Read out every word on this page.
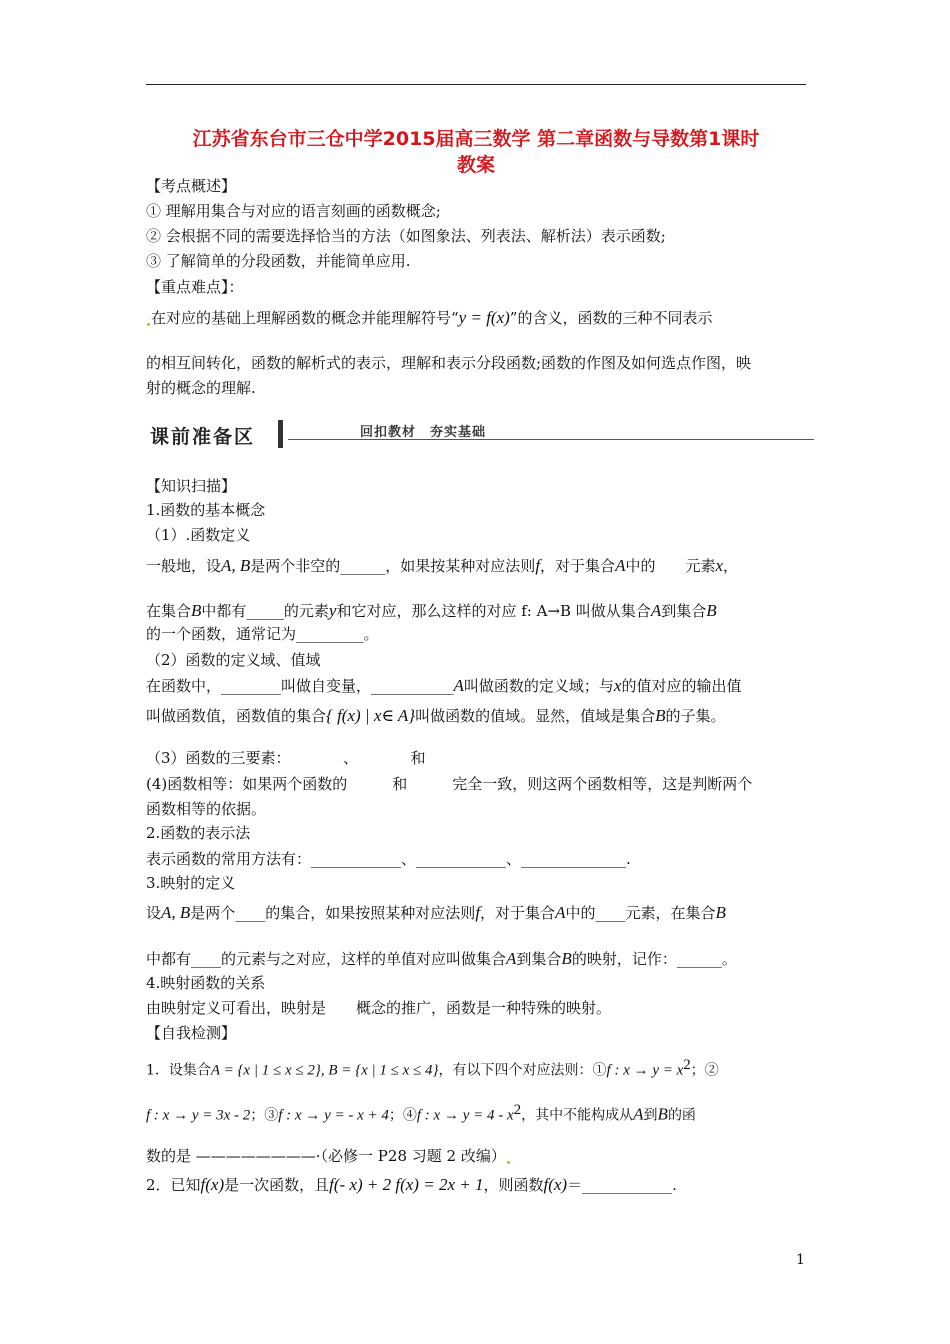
江苏省东台市三仓中学2015届高三数学 第二章函数与导数第1课时
教案
【考点概述】
① 理解用集合与对应的语言刻画的函数概念;
② 会根据不同的需要选择恰当的方法（如图象法、列表法、解析法）表示函数;
③ 了解简单的分段函数，并能简单应用.
【重点难点】：
在对应的基础上理解函数的概念并能理解符号“y = f(x)”的含义，函数的三种不同表示
的相互间转化，函数的解析式的表示，理解和表示分段函数;函数的作图及如何选点作图，映
射的概念的理解.
课前准备区	回扣教材　夯实基础
【知识扫描】
1.函数的基本概念
（1）.函数定义
一般地，设A, B是两个非空的______，如果按某种对应法则f，对于集合A中的　　元素x，
在集合B中都有_____的元素y和它对应，那么这样的对应 f: A→B 叫做从集合A到集合B
的一个函数，通常记为_________。
（2）函数的定义域、值域
在函数中，________叫做自变量，___________A叫做函数的定义域；与x的值对应的输出值
叫做函数值，函数值的集合{ f(x) | x∈ A}叫做函数的值域。显然，值域是集合B的子集。
（3）函数的三要素：　　　　、　　　　和
(4)函数相等：如果两个函数的　　　和　　　完全一致，则这两个函数相等，这是判断两个
函数相等的依据。
2.函数的表示法
表示函数的常用方法有：____________、____________、______________.
3.映射的定义
设A, B是两个____的集合，如果按照某种对应法则f，对于集合A中的____元素，在集合B
中都有____的元素与之对应，这样的单值对应叫做集合A到集合B的映射，记作：______。
4.映射函数的关系
由映射定义可看出，映射是　　概念的推广，函数是一种特殊的映射。
【自我检测】
1．设集合A = {x | 1 ≤ x ≤ 2}, B = {x | 1 ≤ x ≤ 4}，有以下四个对应法则：①f : $x \to y = x^2$；②
f : x → y = 3x - 2；③f : x → y = - x + 4；④f : $x \to y = 4 - x^2$，其中不能构成从A到B的函
数的是 ————————·（必修一 P28 习题 2 改编）
2．已知f(x)是一次函数，且f(- x) + 2 f(x) = 2x + 1，则函数f(x)＝____________.
1
